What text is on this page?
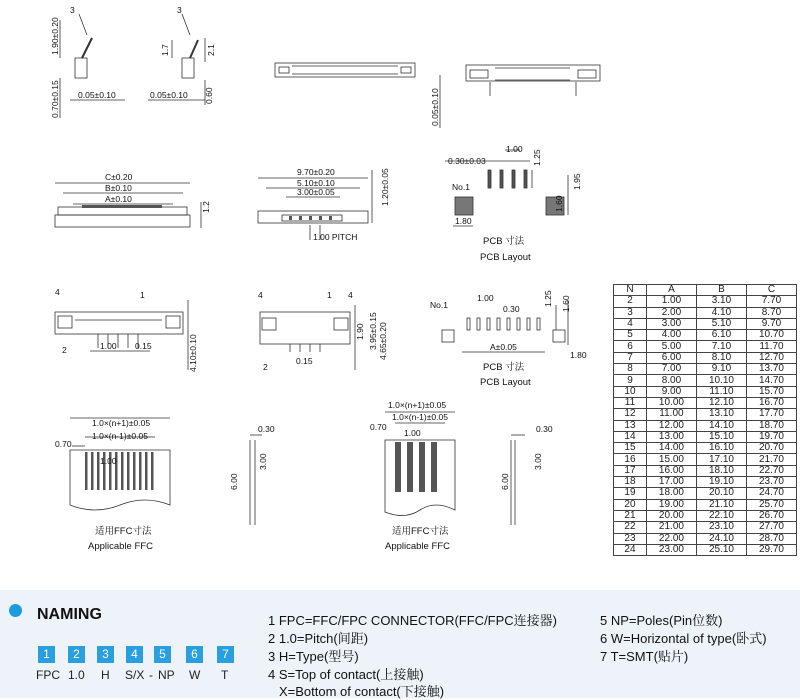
3	3
1.90±0.20
0.70±0.15 0.05±0.10	0.05±0.10
1.7	2.1
0.60	0.05±0.10
C±0.20
B±0.10
A±0.10
1.2
9.70±0.20
5.10±0.10
3.00±0.05	1.20±0.05
1.00 PITCH
0.30±0.03
1.00
1.25
1.95
1.60
1.80
No.1
PCB 寸法
PCB Layout
4	1
2	1.00 0.15	4.10±0.10
4	4
1
2
1.90 3.95±0.15 4.65±0.20
0.15
No.1
1.00
0.30
1.25 1.60
A±0.05
1.80
PCB 寸法
PCB Layout
1.0×(n+1)±0.05
1.0×(n-1)±0.05
0.70
1.00
0.30
3.00
6.00
适用FFC寸法
Applicable FFC
1.0×(n+1)±0.05
1.0×(n-1)±0.05
0.70
1.00	0.30
3.00
6.00
适用FFC寸法
Applicable FFC
N	A	B	C
2	1.00	3.10	7.70
3	2.00	4.10	8.70
4	3.00	5.10	9.70
5	4.00	6.10	10.70
6	5.00	7.10	11.70
7	6.00	8.10	12.70
8	7.00	9.10	13.70
9	8.00	10.10	14.70
10	9.00	11.10	15.70
11	10.00	12.10	16.70
12	11.00	13.10	17.70
13	12.00	14.10	18.70
14	13.00	15.10	19.70
15	14.00	16.10	20.70
16	15.00	17.10	21.70
17	16.00	18.10	22.70
18	17.00	19.10	23.70
19	18.00	20.10	24.70
20	19.00	21.10	25.70
21	20.00	22.10	26.70
22	21.00	23.10	27.70
23	22.00	24.10	28.70
24	23.00	25.10	29.70
NAMING
1	2	3	4	5	6	7
FPC 1.0 H S/X - NP W T
1 FPC=FFC/FPC CONNECTOR(FFC/FPC连接器)
2 1.0=Pitch(间距)
3 H=Type(型号)
4 S=Top of contact(上接触)
X=Bottom of contact(下接触)
5 NP=Poles(Pin位数)
6 W=Horizontal of type(卧式)
7 T=SMT(贴片)
